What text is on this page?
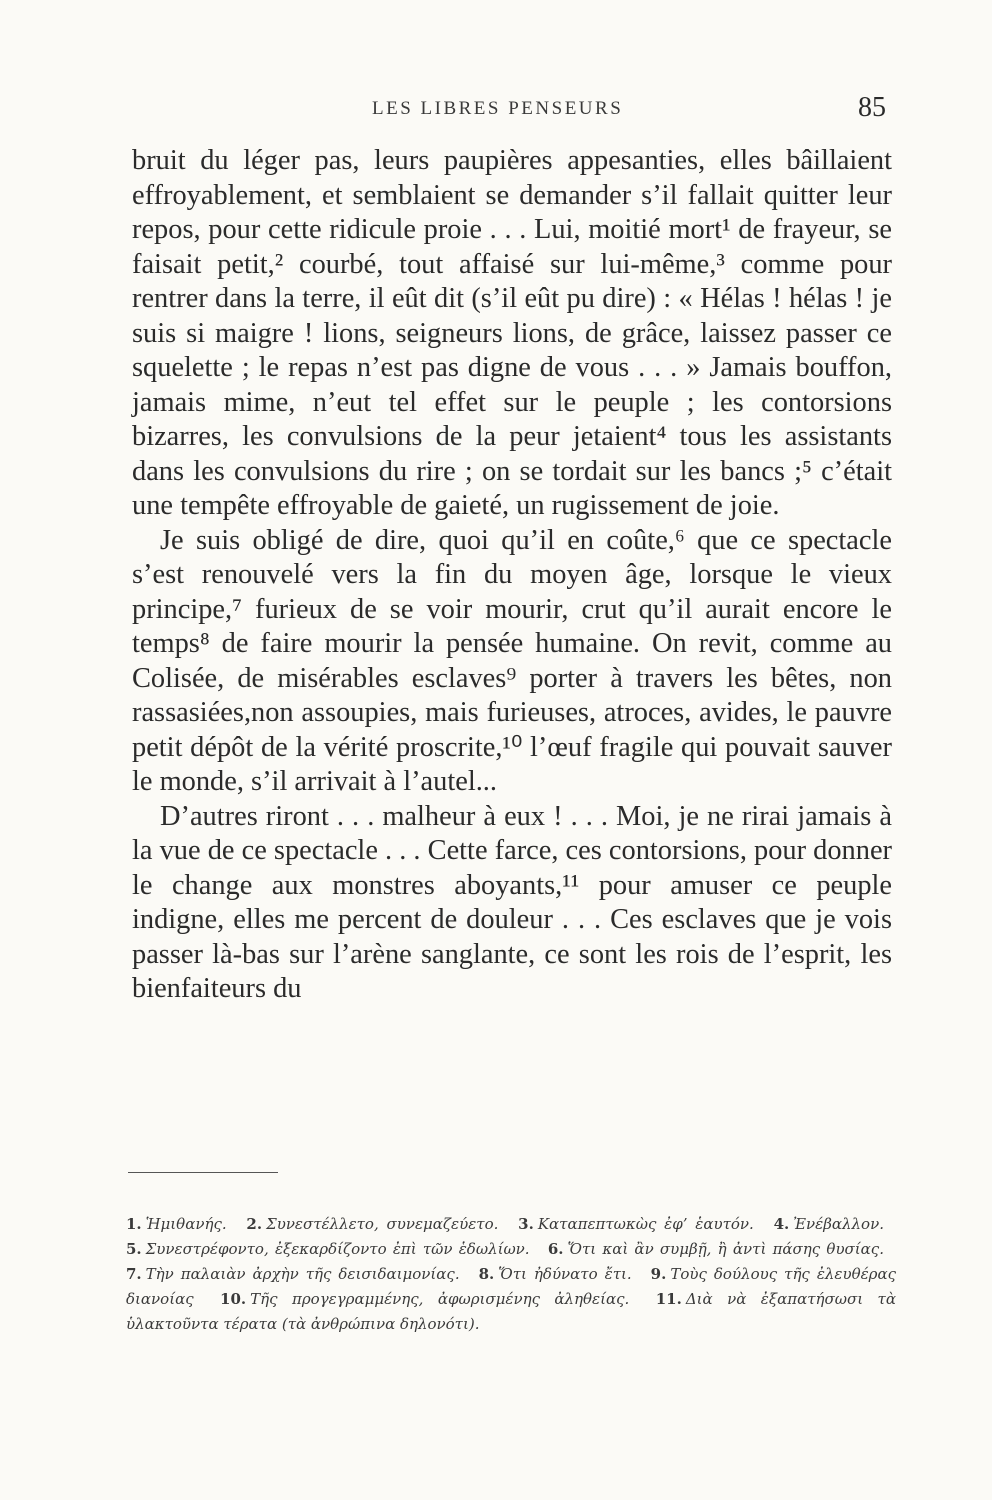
LES LIBRES PENSEURS	85

bruit du léger pas, leurs paupières appesanties, elles bâillaient effroyablement, et semblaient se demander s’il fallait quitter leur repos, pour cette ridicule proie . . . Lui, moitié mort¹ de frayeur, se faisait petit,² courbé, tout affaisé sur lui-même,³ comme pour rentrer dans la terre, il eût dit (s’il eût pu dire) : « Hélas ! hélas ! je suis si maigre ! lions, seigneurs lions, de grâce, laissez passer ce squelette ; le repas n’est pas digne de vous . . . » Jamais bouffon, jamais mime, n’eut tel effet sur le peuple ; les contorsions bizarres, les convulsions de la peur jetaient⁴ tous les assistants dans les convulsions du rire ; on se tordait sur les bancs ;⁵ c’était une tempête effroyable de gaieté, un rugissement de joie.

Je suis obligé de dire, quoi qu’il en coûte,⁶ que ce spectacle s’est renouvelé vers la fin du moyen âge, lorsque le vieux principe,⁷ furieux de se voir mourir, crut qu’il aurait encore le temps⁸ de faire mourir la pensée humaine. On revit, comme au Colisée, de misérables esclaves⁹ porter à travers les bêtes, non rassasiées,non assoupies, mais furieuses, atroces, avides, le pauvre petit dépôt de la vérité proscrite,¹⁰ l’œuf fragile qui pouvait sauver le monde, s’il arrivait à l’autel...

D’autres riront . . . malheur à eux ! . . . Moi, je ne rirai jamais à la vue de ce spectacle . . . Cette farce, ces contorsions, pour donner le change aux monstres aboyants,¹¹ pour amuser ce peuple indigne, elles me percent de douleur . . . Ces esclaves que je vois passer là-bas sur l’arène sanglante, ce sont les rois de l’esprit, les bienfaiteurs du

1. Ἡμιθανής. 2. Συνεστέλλετο, συνεμαζεύετο. 3. Καταπεπτωκὼς ἐφ’ ἑαυτόν. 4. Ἐνέβαλλον. 5. Συνεστρέφοντο, ἐξεκαρδίζοντο ἐπὶ τῶν ἑδωλίων. 6. Ὅτι καὶ ἂν συμβῇ, ἢ ἀντὶ πάσης θυσίας. 7. Τὴν παλαιὰν ἀρχὴν τῆς δεισιδαιμονίας. 8. Ὅτι ἠδύνατο ἔτι. 9. Τοὺς δούλους τῆς ἐλευθέρας διανοίας 10. Τῆς προγεγραμμένης, ἀφωρισμένης ἀληθείας. 11. Διὰ νὰ ἐξαπατήσωσι τὰ ὑλακτοῦντα τέρατα (τὰ ἀνθρώπινα δηλονότι).
